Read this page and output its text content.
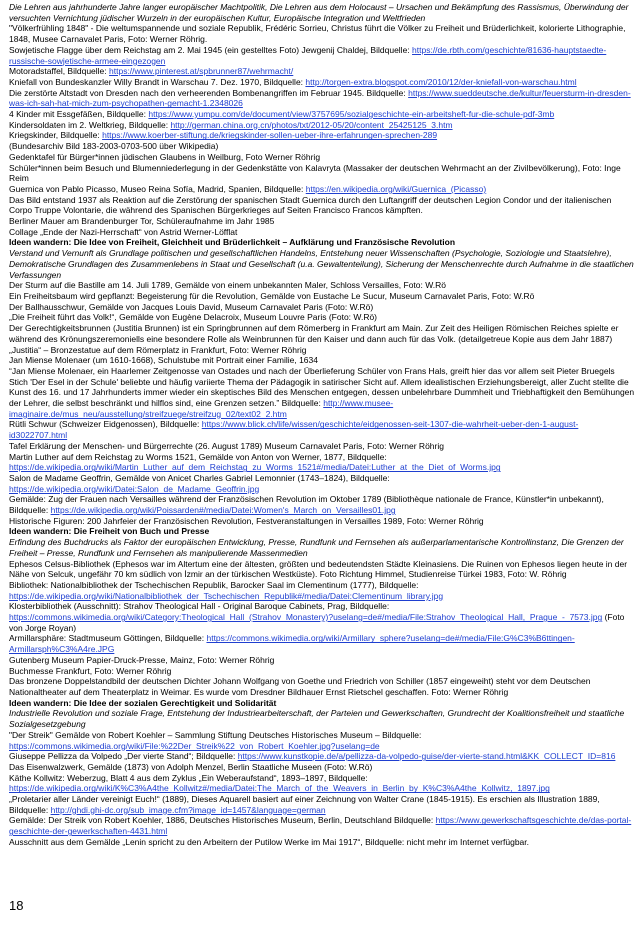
Die Lehren aus jahrhunderte Jahre langer europäischer Machtpolitik, Die Lehren aus dem Holocaust – Ursachen und Bekämpfung des Rassismus, Überwindung der versuchten Vernichtung jüdischer Wurzeln in der europäischen Kultur, Europäische Integration und Weltfrieden

"Völkerfrühling 1848" - Die weltumspannende und soziale Republik, Frédéric Sorrieu, Christus führt die Völker zu Freiheit und Brüderlichkeit, kolorierte Lithographie, 1848, Musee Carnavalet Paris, Foto: Werner Röhrig.

Sowjetische Flagge über dem Reichstag am 2. Mai 1945 (ein gestelltes Foto) Jewgenij Chaldej, Bildquelle: https://de.rbth.com/geschichte/81636-hauptstaedte-russische-sowjetische-armee-eingezogen

Motoradstaffel, Bildquelle: https://www.pinterest.at/spbrunner87/wehrmacht/

Kniefall von Bundeskanzler Willy Brandt in Warschau 7. Dez. 1970, Bildquelle: http://torgen-extra.blogspot.com/2010/12/der-kniefall-von-warschau.html

Die zerstörte Altstadt von Dresden nach den verheerenden Bombenangriffen im Februar 1945. Bildquelle: https://www.sueddeutsche.de/kultur/feuersturm-in-dresden-was-ich-sah-hat-mich-zum-psychopathen-gemacht-1.2348026

4 Kinder mit Essgefäßen, Bildquelle: https://www.yumpu.com/de/document/view/3757695/sozialgeschichte-ein-arbeitsheft-fur-die-schule-pdf-3mb

Kindersoldaten im 2. Weltkrieg, Bildquelle: http://german.china.org.cn/photos/txt/2012-05/20/content_25425125_3.htm

Kriegskinder, Bildquelle: https://www.koerber-stiftung.de/kriegskinder-sollen-ueber-ihre-erfahrungen-sprechen-289

(Bundesarchiv Bild 183-2003-0703-500 über Wikipedia)

Gedenktafel für Bürger*innen jüdischen Glaubens in Weilburg, Foto Werner Röhrig

Schüler*innen beim Besuch und Blumenniederlegung in der Gedenkstätte von Kalavryta (Massaker der deutschen Wehrmacht an der Zivilbevölkerung), Foto: Inge Reim

Guernica von Pablo Picasso, Museo Reina Sofía, Madrid, Spanien, Bildquelle: https://en.wikipedia.org/wiki/Guernica_(Picasso)

Das Bild entstand 1937 als Reaktion auf die Zerstörung der spanischen Stadt Guernica durch den Luftangriff der deutschen Legion Condor und der italienischen Corpo Truppe Volontarie, die während des Spanischen Bürgerkrieges auf Seiten Francisco Francos kämpften.

Berliner Mauer am Brandenburger Tor, Schüleraufnahme im Jahr 1985

Collage „Ende der Nazi-Herrschaft“ von Astrid Werner-Löfflat

Ideen wandern: Die Idee von Freiheit, Gleichheit und Brüderlichkeit – Aufklärung und Französische Revolution

Verstand und Vernunft als Grundlage politischen und gesellschaftlichen Handelns, Entstehung neuer Wissenschaften (Psychologie, Soziologie und Staatslehre), Demokratische Grundlagen des Zusammenlebens in Staat und Gesellschaft (u.a. Gewaltenteilung), Sicherung der Menschenrechte durch Aufnahme in die staatlichen Verfassungen

Der Sturm auf die Bastille am 14. Juli 1789, Gemälde von einem unbekannten Maler, Schloss Versailles, Foto: W.Rö

Ein Freiheitsbaum wird gepflanzt: Begeisterung für die Revolution, Gemälde von Eustache Le Sucur, Museum Carnavalet Paris, Foto: W.Rö

Der Ballhausschwur, Gemälde von Jacques Louis David, Museum Carnavalet Paris (Foto: W.Rö)

„Die Freiheit führt das Volk!“, Gemälde von Eugène Delacroix, Museum Louvre Paris (Foto: W.Rö)

Der Gerechtigkeitsbrunnen (Justitia Brunnen) ist ein Springbrunnen auf dem Römerberg in Frankfurt am Main. Zur Zeit des Heiligen Römischen Reiches spielte er während des Krönungszeremoniells eine besondere Rolle als Weinbrunnen für den Kaiser und dann auch für das Volk. (detailgetreue Kopie aus dem Jahr 1887) „Justitia“ – Bronzestatue auf dem Römerplatz in Frankfurt, Foto: Werner Röhrig

Jan Miense Molenaer (um 1610-1668), Schulstube mit Portrait einer Familie, 1634

“Jan Miense Molenaer, ein Haarlemer Zeitgenosse van Ostades und nach der Überlieferung Schüler von Frans Hals, greift hier das vor allem seit Pieter Bruegels Stich 'Der Esel in der Schule' beliebte und häufig variierte Thema der Pädagogik in satirischer Sicht auf. Allem idealistischen Erziehungsbereigt, aller Zucht stellte die Kunst des 16. und 17 Jahrhunderts immer wieder ein skeptisches Bild des Menschen entgegen, dessen unbelehrbare Dummheit und Triebhaftigkeit den Bemühungen der Lehrer, die selbst beschränkt und hilflos sind, eine Grenzen setzen.” Bildquelle: http://www.musee-imaginaire.de/mus_neu/ausstellung/streifzuege/streifzug_02/text02_2.htm

Rütli Schwur (Schweizer Eidgenossen), Bildquelle: https://www.blick.ch/life/wissen/geschichte/eidgenossen-seit-1307-die-wahrheit-ueber-den-1-august-id3022707.html

Tafel Erklärung der Menschen- und Bürgerrechte (26. August 1789) Museum Carnavalet Paris, Foto: Werner Röhrig

Martin Luther auf dem Reichstag zu Worms 1521, Gemälde von Anton von Werner, 1877, Bildquelle: https://de.wikipedia.org/wiki/Martin_Luther_auf_dem_Reichstag_zu_Worms_1521#/media/Datei:Luther_at_the_Diet_of_Worms.jpg

Salon de Madame Geoffrin, Gemälde von Anicet Charles Gabriel Lemonnier (1743–1824), Bildquelle: https://de.wikipedia.org/wiki/Datei:Salon_de_Madame_Geoffrin.jpg

Gemälde: Zug der Frauen nach Versailles während der Französischen Revolution im Oktober 1789 (Bibliothèque nationale de France, Künstler*in unbekannt), Bildquelle: https://de.wikipedia.org/wiki/Poissarden#/media/Datei:Women's_March_on_Versailles01.jpg

Historische Figuren: 200 Jahrfeier der Französischen Revolution, Festveranstaltungen in Versailles 1989, Foto: Werner Röhrig

Ideen wandern: Die Freiheit von Buch und Presse

Erfindung des Buchdrucks als Faktor der europäischen Entwicklung, Presse, Rundfunk und Fernsehen als außerparlamentarische Kontrollinstanz, Die Grenzen der Freiheit – Presse, Rundfunk und Fernsehen als manipulierende Massenmedien

Ephesos Celsus-Bibliothek (Ephesos war im Altertum eine der ältesten, größten und bedeutendsten Städte Kleinasiens. Die Ruinen von Ephesos liegen heute in der Nähe von Selcuk, ungefähr 70 km südlich von İzmir an der türkischen Westküste). Foto Richtung Himmel, Studienreise Türkei 1983, Foto: W. Röhrig

Bibliothek: Nationalbibliothek der Tschechischen Republik, Barocker Saal im Clementinum (1777), Bildquelle: https://de.wikipedia.org/wiki/Nationalbibliothek_der_Tschechischen_Republik#/media/Datei:Clementinum_library.jpg

Klosterbibliothek (Ausschnitt): Strahov Theological Hall - Original Baroque Cabinets, Prag, Bildquelle: https://commons.wikimedia.org/wiki/Category:Theological_Hall_(Strahov_Monastery)?uselang=de#/media/File:Strahov_Theological_Hall,_Prague_-_7573.jpg (Foto von Jorge Royan)

Armillarsphäre: Stadtmuseum Göttingen, Bildquelle: https://commons.wikimedia.org/wiki/Armillary_sphere?uselang=de#/media/File:G%C3%B6ttingen-Armillarsph%C3%A4re.JPG

Gutenberg Museum Papier-Druck-Presse, Mainz, Foto: Werner Röhrig

Buchmesse Frankfurt, Foto: Werner Röhrig

Das bronzene Doppelstandbild der deutschen Dichter Johann Wolfgang von Goethe und Friedrich von Schiller (1857 eingeweiht) steht vor dem Deutschen Nationaltheater auf dem Theaterplatz in Weimar. Es wurde vom Dresdner Bildhauer Ernst Rietschel geschaffen. Foto: Werner Röhrig

Ideen wandern: Die Idee der sozialen Gerechtigkeit und Solidarität

Industrielle Revolution und soziale Frage, Entstehung der Industriearbeiterschaft, der Parteien und Gewerkschaften, Grundrecht der Koalitionsfreiheit und staatliche Sozialgesetzgebung

"Der Streik" Gemälde von Robert Koehler – Sammlung Stiftung Deutsches Historisches Museum – Bildquelle: https://commons.wikimedia.org/wiki/File:%22Der_Streik%22_von_Robert_Koehler.jpg?uselang=de

Giuseppe Pellizza da Volpedo „Der vierte Stand“; Bildquelle: https://www.kunstkopie.de/a/pellizza-da-volpedo-guise/der-vierte-stand.html&KK_COLLECT_ID=816

Das Eisenwalzwerk, Gemälde (1873) von Adolph Menzel, Berlin Staatliche Museen (Foto: W.Rö)

Käthe Kollwitz: Weberzug, Blatt 4 aus dem Zyklus „Ein Weberaufstand“, 1893–1897, Bildquelle: https://de.wikipedia.org/wiki/K%C3%A4the_Kollwitz#/media/Datei:The_March_of_the_Weavers_in_Berlin_by_K%C3%A4the_Kollwitz,_1897.jpg

„Proletarier aller Länder vereinigt Euch!“ (1889), Dieses Aquarell basiert auf einer Zeichnung von Walter Crane (1845-1915). Es erschien als Illustration 1889, Bildquelle: http://ghdi.ghi-dc.org/sub_image.cfm?image_id=1457&language=german

Gemälde: Der Streik von Robert Koehler, 1886, Deutsches Historisches Museum, Berlin, Deutschland Bildquelle: https://www.gewerkschaftsgeschichte.de/das-portal-geschichte-der-gewerkschaften-4431.html

Ausschnitt aus dem Gemälde „Lenin spricht zu den Arbeitern der Putilow Werke im Mai 1917“, Bildquelle: nicht mehr im Internet verfügbar.

18
